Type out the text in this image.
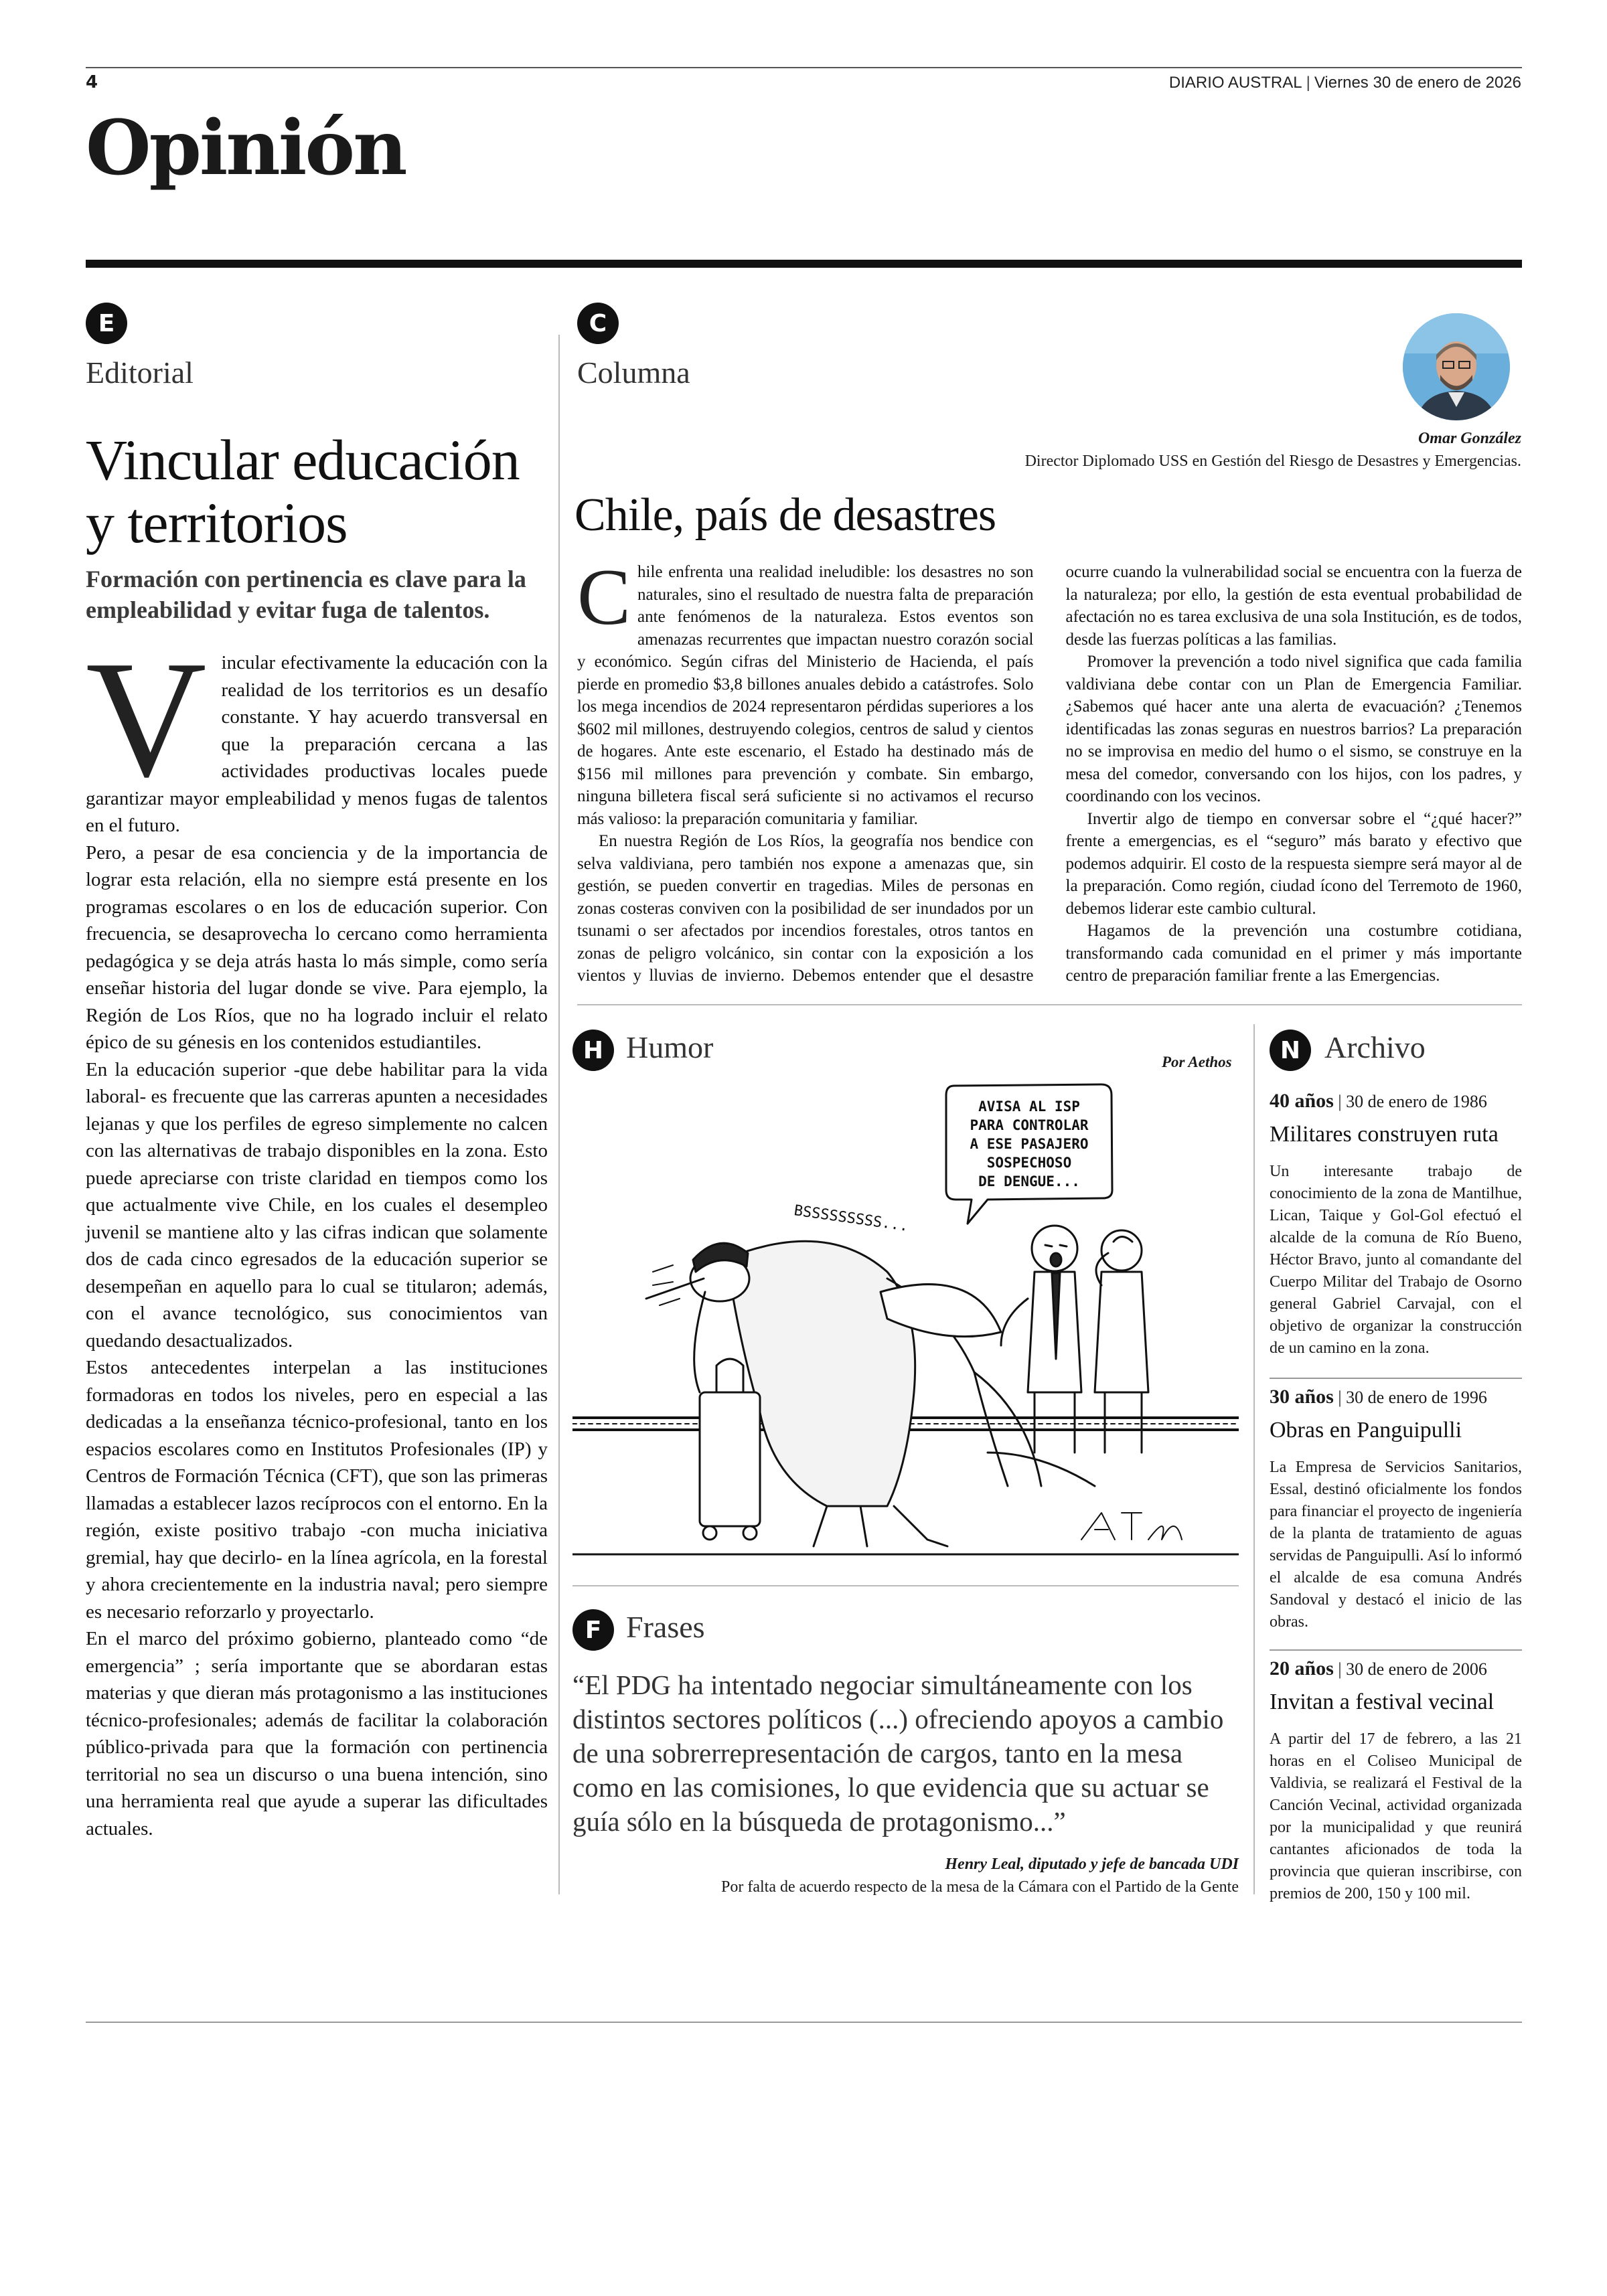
4	DIARIO AUSTRAL | Viernes 30 de enero de 2026
Opinión
E
Editorial
Vincular educación
y territorios
Formación con pertinencia es clave para la empleabilidad y evitar fuga de talentos.
V incular efectivamente la educación con la realidad de los territorios es un desafío constante. Y hay acuerdo transversal en que la preparación cercana a las actividades productivas locales puede garantizar mayor empleabilidad y menos fugas de talentos en el futuro.

Pero, a pesar de esa conciencia y de la importancia de lograr esta relación, ella no siempre está presente en los programas escolares o en los de educación superior. Con frecuencia, se desaprovecha lo cercano como herramienta pedagógica y se deja atrás hasta lo más simple, como sería enseñar historia del lugar donde se vive. Para ejemplo, la Región de Los Ríos, que no ha logrado incluir el relato épico de su génesis en los contenidos estudiantiles.

En la educación superior -que debe habilitar para la vida laboral- es frecuente que las carreras apunten a necesidades lejanas y que los perfiles de egreso simplemente no calcen con las alternativas de trabajo disponibles en la zona. Esto puede apreciarse con triste claridad en tiempos como los que actualmente vive Chile, en los cuales el desempleo juvenil se mantiene alto y las cifras indican que solamente dos de cada cinco egresados de la educación superior se desempeñan en aquello para lo cual se titularon; además, con el avance tecnológico, sus conocimientos van quedando desactualizados.

Estos antecedentes interpelan a las instituciones formadoras en todos los niveles, pero en especial a las dedicadas a la enseñanza técnico-profesional, tanto en los espacios escolares como en Institutos Profesionales (IP) y Centros de Formación Técnica (CFT), que son las primeras llamadas a establecer lazos recíprocos con el entorno. En la región, existe positivo trabajo -con mucha iniciativa gremial, hay que decirlo- en la línea agrícola, en la forestal y ahora crecientemente en la industria naval; pero siempre es necesario reforzarlo y proyectarlo.

En el marco del próximo gobierno, planteado como “de emergencia” ; sería importante que se abordaran estas materias y que dieran más protagonismo a las instituciones técnico-profesionales; además de facilitar la colaboración público-privada para que la formación con pertinencia territorial no sea un discurso o una buena intención, sino una herramienta real que ayude a superar las dificultades actuales.

C
Columna
Omar González
Director Diplomado USS en Gestión del Riesgo de Desastres y Emergencias.
Chile, país de desastres
C hile enfrenta una realidad ineludible: los desastres no son naturales, sino el resultado de nuestra falta de preparación ante fenómenos de la naturaleza. Estos eventos son amenazas recurrentes que impactan nuestro corazón social y económico. Según cifras del Ministerio de Hacienda, el país pierde en promedio $3,8 billones anuales debido a catástrofes. Solo los mega incendios de 2024 representaron pérdidas superiores a los $602 mil millones, destruyendo colegios, centros de salud y cientos de hogares. Ante este escenario, el Estado ha destinado más de $156 mil millones para prevención y combate. Sin embargo, ninguna billetera fiscal será suficiente si no activamos el recurso más valioso: la preparación comunitaria y familiar.

En nuestra Región de Los Ríos, la geografía nos bendice con selva valdiviana, pero también nos expone a amenazas que, sin gestión, se pueden convertir en tragedias. Miles de personas en zonas costeras conviven con la posibilidad de ser inundados por un tsunami o ser afectados por incendios forestales, otros tantos en zonas de peligro volcánico, sin contar con la exposición a los vientos y lluvias de invierno. Debemos entender que el desastre ocurre cuando la vulnerabilidad social se encuentra con la fuerza de la naturaleza; por ello, la gestión de esta eventual probabilidad de afectación no es tarea exclusiva de una sola Institución, es de todos, desde las fuerzas políticas a las familias.

Promover la prevención a todo nivel significa que cada familia valdiviana debe contar con un Plan de Emergencia Familiar. ¿Sabemos qué hacer ante una alerta de evacuación? ¿Tenemos identificadas las zonas seguras en nuestros barrios? La preparación no se improvisa en medio del humo o el sismo, se construye en la mesa del comedor, conversando con los hijos, con los padres, y coordinando con los vecinos.

Invertir algo de tiempo en conversar sobre el “¿qué hacer?” frente a emergencias, es el “seguro” más barato y efectivo que podemos adquirir. El costo de la respuesta siempre será mayor al de la preparación. Como región, ciudad ícono del Terremoto de 1960, debemos liderar este cambio cultural.

Hagamos de la prevención una costumbre cotidiana, transformando cada comunidad en el primer y más importante centro de preparación familiar frente a las Emergencias.

H Humor	Por Aethos
AVISA AL ISP
PARA CONTROLAR
A ESE PASAJERO
SOSPECHOSO
DE DENGUE...
BSSSSSSSSS...
F Frases
“El PDG ha intentado negociar simultáneamente con los distintos sectores políticos (...) ofreciendo apoyos a cambio de una sobrerrepresentación de cargos, tanto en la mesa como en las comisiones, lo que evidencia que su actuar se guía sólo en la búsqueda de protagonismo...”
Henry Leal, diputado y jefe de bancada UDI
Por falta de acuerdo respecto de la mesa de la Cámara con el Partido de la Gente
N Archivo
40 años | 30 de enero de 1986
Militares construyen ruta
Un interesante trabajo de conocimiento de la zona de Mantilhue, Lican, Taique y Gol-Gol efectuó el alcalde de la comuna de Río Bueno, Héctor Bravo, junto al comandante del Cuerpo Militar del Trabajo de Osorno general Gabriel Carvajal, con el objetivo de organizar la construcción de un camino en la zona.
30 años | 30 de enero de 1996
Obras en Panguipulli
La Empresa de Servicios Sanitarios, Essal, destinó oficialmente los fondos para financiar el proyecto de ingeniería de la planta de tratamiento de aguas servidas de Panguipulli. Así lo informó el alcalde de esa comuna Andrés Sandoval y destacó el inicio de las obras.
20 años | 30 de enero de 2006
Invitan a festival vecinal
A partir del 17 de febrero, a las 21 horas en el Coliseo Municipal de Valdivia, se realizará el Festival de la Canción Vecinal, actividad organizada por la municipalidad y que reunirá cantantes aficionados de toda la provincia que quieran inscribirse, con premios de 200, 150 y 100 mil.
